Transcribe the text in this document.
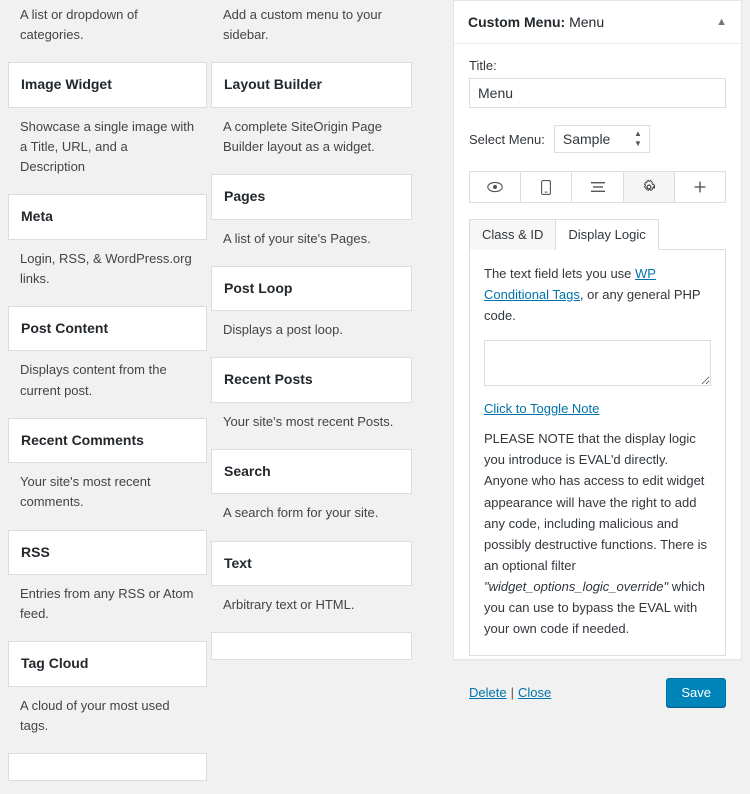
A list or dropdown of categories.
Image Widget
Showcase a single image with a Title, URL, and a Description
Meta
Login, RSS, & WordPress.org links.
Post Content
Displays content from the current post.
Recent Comments
Your site's most recent comments.
RSS
Entries from any RSS or Atom feed.
Tag Cloud
A cloud of your most used tags.
Add a custom menu to your sidebar.
Layout Builder
A complete SiteOrigin Page Builder layout as a widget.
Pages
A list of your site's Pages.
Post Loop
Displays a post loop.
Recent Posts
Your site's most recent Posts.
Search
A search form for your site.
Text
Arbitrary text or HTML.
Custom Menu: Menu	▲
Title:
Menu
Select Menu: Sample	▲
▼
Class & ID	Display Logic

The text field lets you use WP Conditional Tags, or any general PHP code.

Click to Toggle Note
PLEASE NOTE that the display logic you introduce is EVAL'd directly. Anyone who has access to edit widget appearance will have the right to add any code, including malicious and possibly destructive functions. There is an optional filter "widget_options_logic_override" which you can use to bypass the EVAL with your own code if needed.
Delete | Close	Save
